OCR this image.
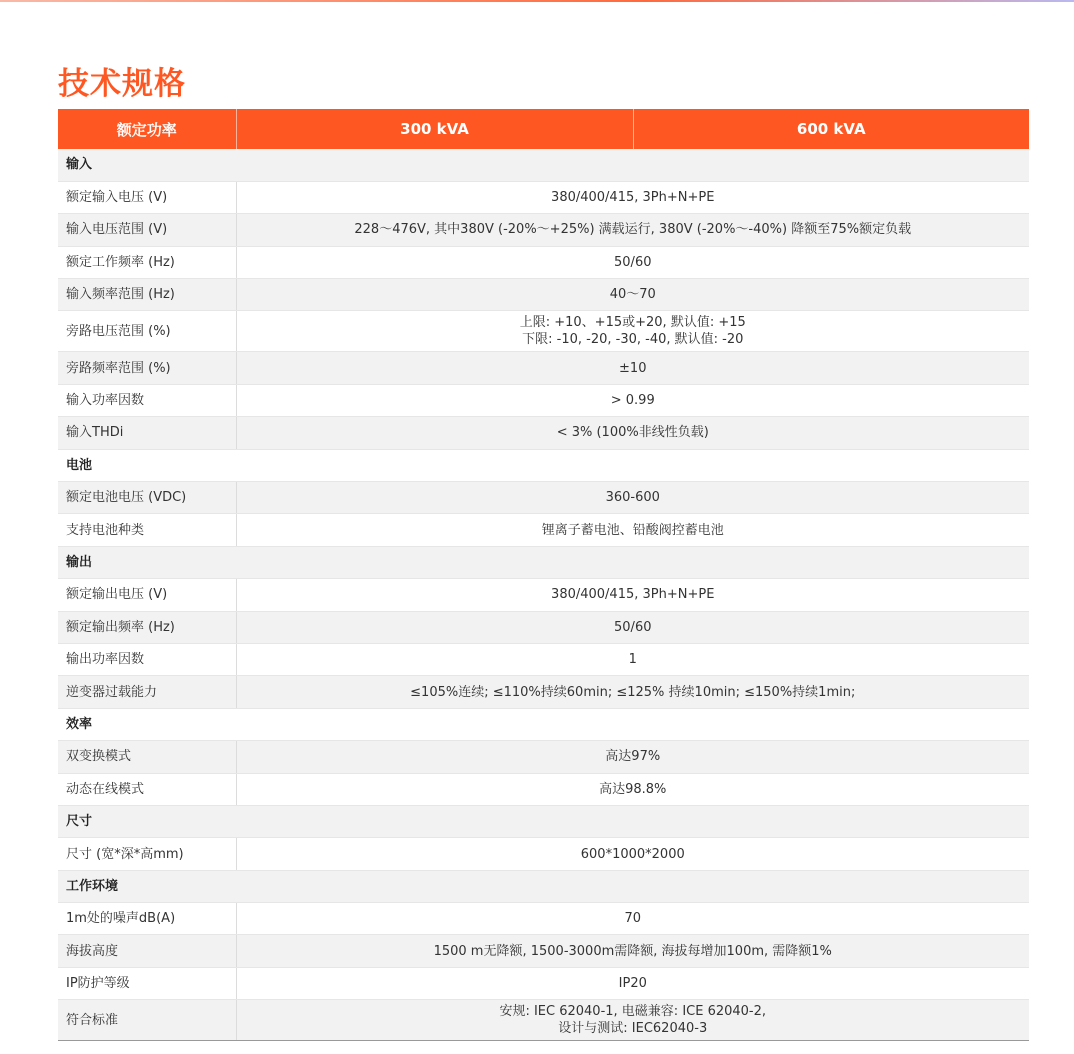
技术规格
额定功率	300 kVA	600 kVA
输入		
额定输入电压 (V)	380/400/415, 3Ph+N+PE	
输入电压范围 (V)	228～476V, 其中380V (-20%～+25%) 满载运行, 380V (-20%～-40%) 降额至75%额定负载	
额定工作频率 (Hz)	50/60	
输入频率范围 (Hz)	40～70	
旁路电压范围 (%)	上限: +10、+15或+20, 默认值: +15
下限: -10, -20, -30, -40, 默认值: -20	

旁路频率范围 (%)	±10	
输入功率因数	> 0.99	
输入THDi	< 3% (100%非线性负载)	
电池		
额定电池电压 (VDC)	360-600	
支持电池种类	锂离子蓄电池、铅酸阀控蓄电池	
输出		
额定输出电压 (V)	380/400/415, 3Ph+N+PE	
额定输出频率 (Hz)	50/60	
输出功率因数	1	
逆变器过载能力	≤105%连续; ≤110%持续60min; ≤125% 持续10min; ≤150%持续1min;	
效率		
双变换模式	高达97%	
动态在线模式	高达98.8%	
尺寸		
尺寸 (宽*深*高mm)	600*1000*2000	
工作环境		
1m处的噪声dB(A)	70	
海拔高度	1500 m无降额, 1500-3000m需降额, 海拔每增加100m, 需降额1%	
IP防护等级	IP20	
符合标准	安规: IEC 62040-1, 电磁兼容: ICE 62040-2,
设计与测试: IEC62040-3	
